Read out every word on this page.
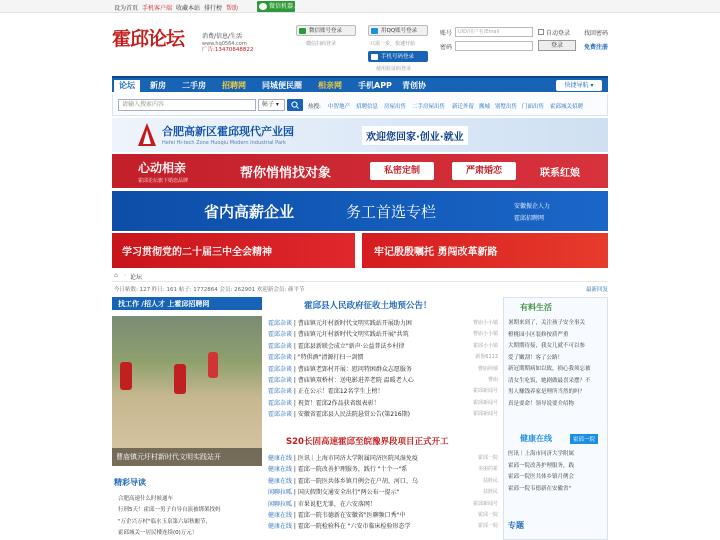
设为首页 手机客户端 收藏本站 排行榜 帮助	微信机器人
霍邱论坛	消费/信息/生活
www.hq0564.com
广告:13470848822
微信账号登录
微信扫码登录
用QQ账号登录
只需一步，快速开始
手机号码登录
使用验证码登录
账号	UID/用户名/Email	自动登录 找回密码
密码	登录	免费注册
论坛	新房 二手房 招聘网 同城便民圈 相亲网 手机APP 青创协	快捷导航 ▾
请输入搜索内容	帖子 ▾	热搜: 中智地产 招聘信息 房屋出售 二手房屋出售 新迁外留 搬城 别墅出售 门面出售 霍邱城关招聘
合肥高新区霍邱现代产业园
Hefei Hi-tech Zone Huoqiu Modern Industrial Park	欢迎您回家·创业·就业
心动相亲
霍邱论坛旗下婚恋品牌	帮你悄悄找对象	私密定制	严肃婚恋	联系红娘
省内高薪企业	务工首选专栏	安徽振企人力
霍邱招聘网
学习贯彻党的二十届三中全会精神	牢记殷殷嘱托 勇闯改革新路
⌂ › 论坛
今日帖数: 127 昨日: 161 帖子: 1772864 会员: 262901 欢迎新会员: 颜平节	最新回复
找工作 /招人才 上霍邱招聘网
曹庙镇元圩村新时代文明实践站开
精彩导读
合肥高速什么时候通车
行刑5天！霍邱一男子自导自演被绑架找妈
"万企兴万村"临水玉泉第六届秋酿节，
霍邱城关一居民楼连续(0)万元！
霍邱县人民政府征收土地预公告！
霍邱杂谈 | 曹庙镇元圩村新时代文明实践站开展助力困	曹庙小小镇
霍邱杂谈 | 曹庙镇元圩村新时代文明实践站开展"共筑	曹庙小小镇
霍邱杂谈 | 霍邱县新联会成立"新声·公益普法乡村律	霍邱小小镇
霍邱杂谈 | "特供酒"清源打扫一剑惯	新鲁6113
霍邱杂谈 | 曹庙镇老郢村开展：慰问特困群众志愿服务	曹庙阿郁
霍邱杂谈 | 曹庙镇双桥村：送电影进养老院 温暖老人心	曹庙
霍邱杂谈 | 正在公示！霍邱12名学生上榜！	霍邱新闻号
霍邱杂谈 | 祝贺！霍邱2作品获省级表彰！	霍邱新闻号
霍邱杂谈 | 安徽省霍邱县人民法院悬赏公告(第216期)	霍邱新闻号
S20长固高速霍邱至皖豫界段项目正式开工
健康在线 | 医讯｜上海市同济大学附属同济医院风湿免疫	霍邱一院
健康在线 | 霍邱一院改善护理服务，践行 "十个一"系	美丽的霍
健康在线 | 霍邱一院医共体乡镇月例会在户胡、河口、乌	扶胜民
闲聊拉呱 | 国庆假期交通安全出行"两公布一提示"	扶胜民
闲聊拉呱 | 市果说犯无罪，在六安落网！	霍邱新闻号
健康在线 | 霍邱一院韦德新在安徽省"医聊频口秀"中	霍邱一院
健康在线 | 霍邱一院检验科在 "六安市临床检验形态学	霍邱一院
有料生活
暑期来到了，关注孩子安全事关
橙桃园小区装修按质严重
大期期待接，我女儿就不可以参
爱了嫩刮！客了公路！
新冠期期病如以致，损心我须忘被
清女生吃饭，她剧做最喜采摆？不
男人赚钱养家是理所当然的吗？
真是要命！领导说要介绍物
健康在线	霍邱一院
医讯｜上海市同济大学附属
霍邱一院改善护理服务，践
霍邱一院医共体乡镇月例会
霍邱一院韦德新在安徽省"
专题
